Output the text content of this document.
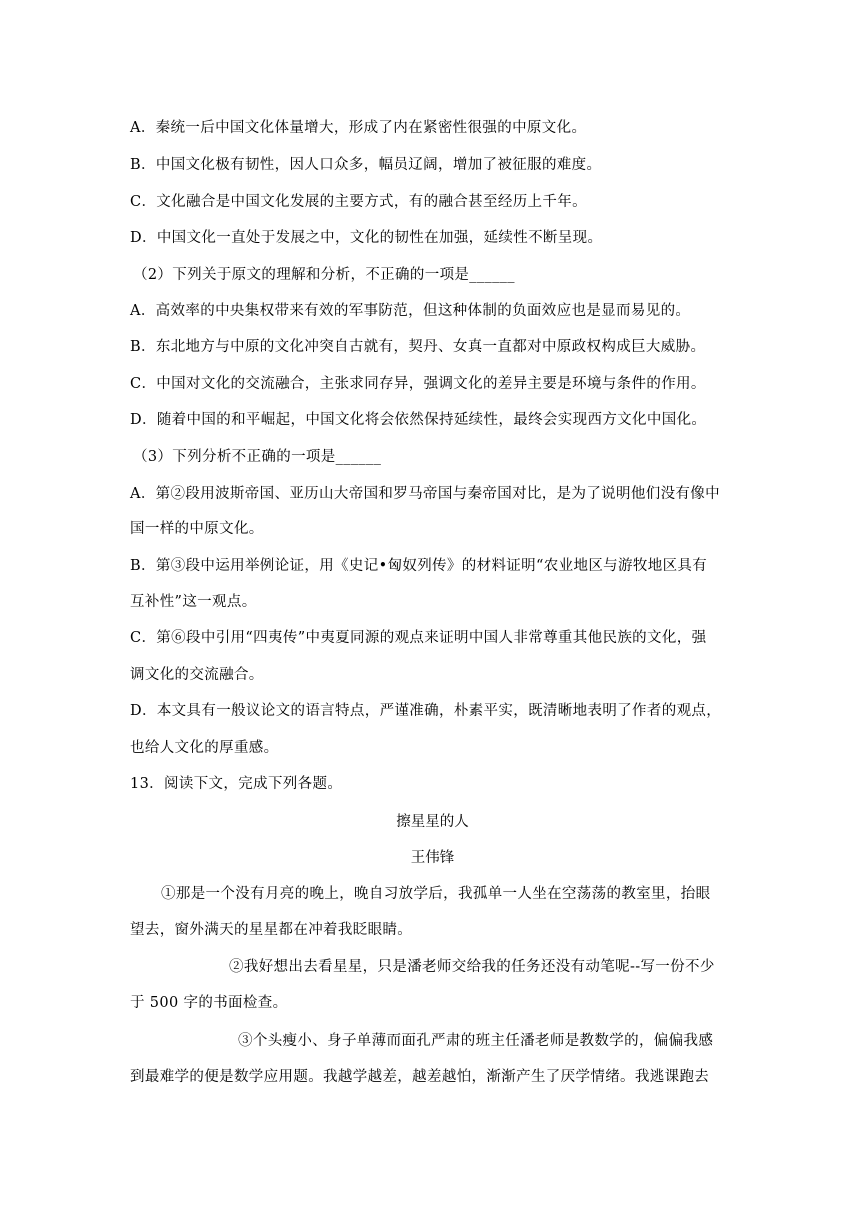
A．秦统一后中国文化体量增大，形成了内在紧密性很强的中原文化。
B．中国文化极有韧性，因人口众多，幅员辽阔，增加了被征服的难度。
C．文化融合是中国文化发展的主要方式，有的融合甚至经历上千年。
D．中国文化一直处于发展之中，文化的韧性在加强，延续性不断呈现。
（2）下列关于原文的理解和分析，不正确的一项是______
A．高效率的中央集权带来有效的军事防范，但这种体制的负面效应也是显而易见的。
B．东北地方与中原的文化冲突自古就有，契丹、女真一直都对中原政权构成巨大威胁。
C．中国对文化的交流融合，主张求同存异，强调文化的差异主要是环境与条件的作用。
D．随着中国的和平崛起，中国文化将会依然保持延续性，最终会实现西方文化中国化。
（3）下列分析不正确的一项是______
A．第②段用波斯帝国、亚历山大帝国和罗马帝国与秦帝国对比，是为了说明他们没有像中
国一样的中原文化。
B．第③段中运用举例论证，用《史记•匈奴列传》的材料证明“农业地区与游牧地区具有
互补性”这一观点。
C．第⑥段中引用“四夷传”中夷夏同源的观点来证明中国人非常尊重其他民族的文化，强
调文化的交流融合。
D．本文具有一般议论文的语言特点，严谨准确，朴素平实，既清晰地表明了作者的观点，
也给人文化的厚重感。
13．阅读下文，完成下列各题。
擦星星的人
王伟锋
①那是一个没有月亮的晚上，晚自习放学后，我孤单一人坐在空荡荡的教室里，抬眼
望去，窗外满天的星星都在冲着我眨眼睛。
②我好想出去看星星，只是潘老师交给我的任务还没有动笔呢--写一份不少
于 500 字的书面检查。
③个头瘦小、身子单薄而面孔严肃的班主任潘老师是教数学的，偏偏我感
到最难学的便是数学应用题。我越学越差，越差越怕，渐渐产生了厌学情绪。我逃课跑去
